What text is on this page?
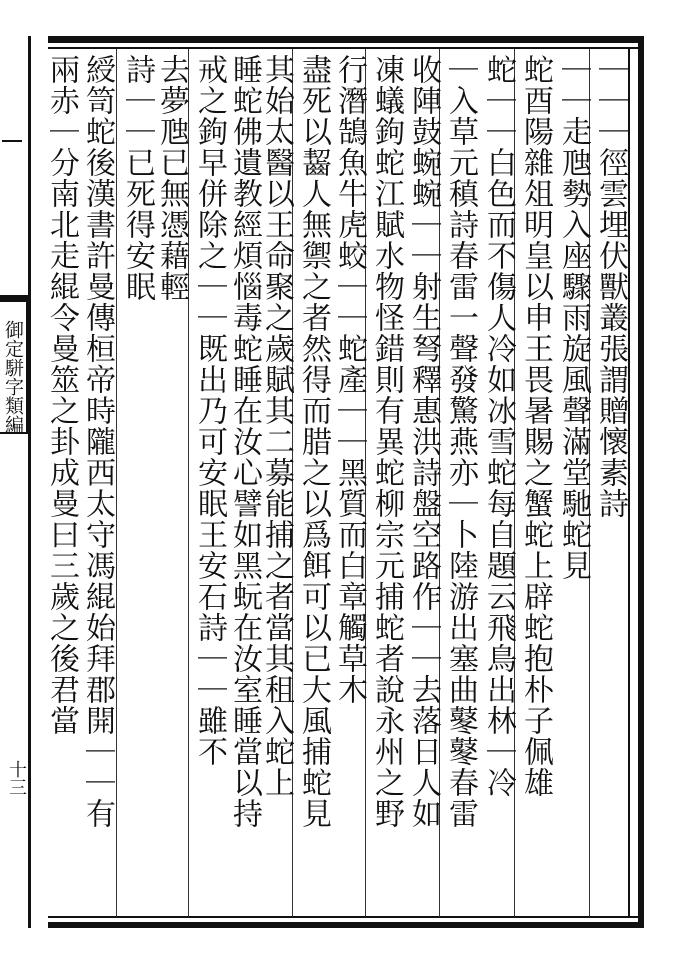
｜｜｜徑雲埋伏獸叢張謂贈懷素詩
｜｜走虺勢入座驟雨旋風聲滿堂馳蛇見
蛇酉陽雜俎明皇以申王畏暑賜之蟹蛇上辟蛇抱朴子佩雄
蛇｜｜白色而不傷人冷如冰雪蛇每自題云飛鳥出林｜冷
｜入草元稹詩春雷一聲發驚燕亦｜卜陸游出塞曲鼕鼕春雷
收陣鼓蜿蜿｜｜射生弩釋惠洪詩盤空路作｜｜去落日人如
凍蟻鉤蛇江賦水物怪錯則有異蛇柳宗元捕蛇者說永州之野
行潛鵠魚牛虎蛟｜｜蛇產｜｜黑質而白章觸草木
盡死以齧人無禦之者然得而腊之以爲餌可以已大風捕蛇見
其始太醫以王命聚之歲賦其二募能捕之者當其租入蛇上
睡蛇佛遺教經煩惱毒蛇睡在汝心譬如黑蚖在汝室睡當以持
戒之鉤早併除之｜｜既出乃可安眠王安石詩｜｜雖不
去夢虺已無憑藉輕
詩｜｜已死得安眠
綬笥蛇後漢書許曼傳桓帝時隴西太守馮緄始拜郡開｜｜有
兩赤｜分南北走緄令曼筮之卦成曼曰三歲之後君當
御定駢字類編
十三
